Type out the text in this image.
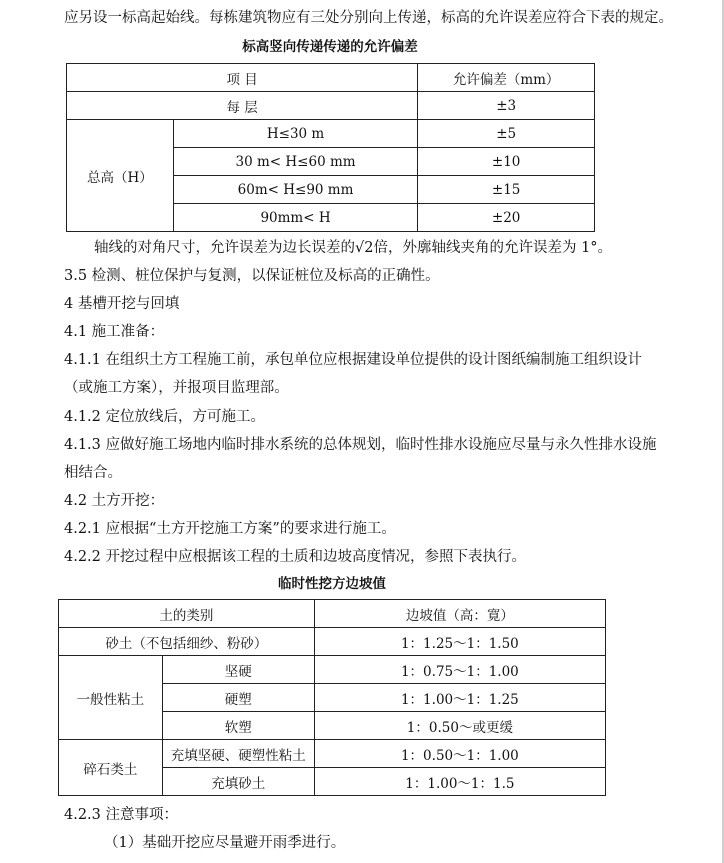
应另设一标高起始线。每栋建筑物应有三处分别向上传递，标高的允许误差应符合下表的规定。
标高竖向传递传递的允许偏差
项 目		允许偏差（mm）
每 层		±3
总高（H）	H≤30 m	±5
	30 m< H≤60 mm	±10
	60m< H≤90 mm	±15
	90mm< H	±20
轴线的对角尺寸，允许误差为边长误差的√2倍，外廓轴线夹角的允许误差为 1°。
3.5 检测、桩位保护与复测，以保证桩位及标高的正确性。
4 基槽开挖与回填
4.1 施工准备：
4.1.1 在组织土方工程施工前，承包单位应根据建设单位提供的设计图纸编制施工组织设计
（或施工方案），并报项目监理部。
4.1.2 定位放线后，方可施工。
4.1.3 应做好施工场地内临时排水系统的总体规划，临时性排水设施应尽量与永久性排水设施
相结合。
4.2 土方开挖：
4.2.1 应根据“土方开挖施工方案”的要求进行施工。
4.2.2 开挖过程中应根据该工程的土质和边坡高度情况，参照下表执行。
临时性挖方边坡值
土的类别		边坡值（高：寛）
砂土（不包括细纱、粉砂）		1：1.25～1：1.50
一般性粘土	坚硬	1：0.75～1：1.00
	硬塑	1：1.00～1：1.25
	软塑	1：0.50～或更缓
碎石类土	充填坚硬、硬塑性粘土	1：0.50～1：1.00
	充填砂土	1：1.00～1：1.5
4.2.3 注意事项：
（1）基础开挖应尽量避开雨季进行。
